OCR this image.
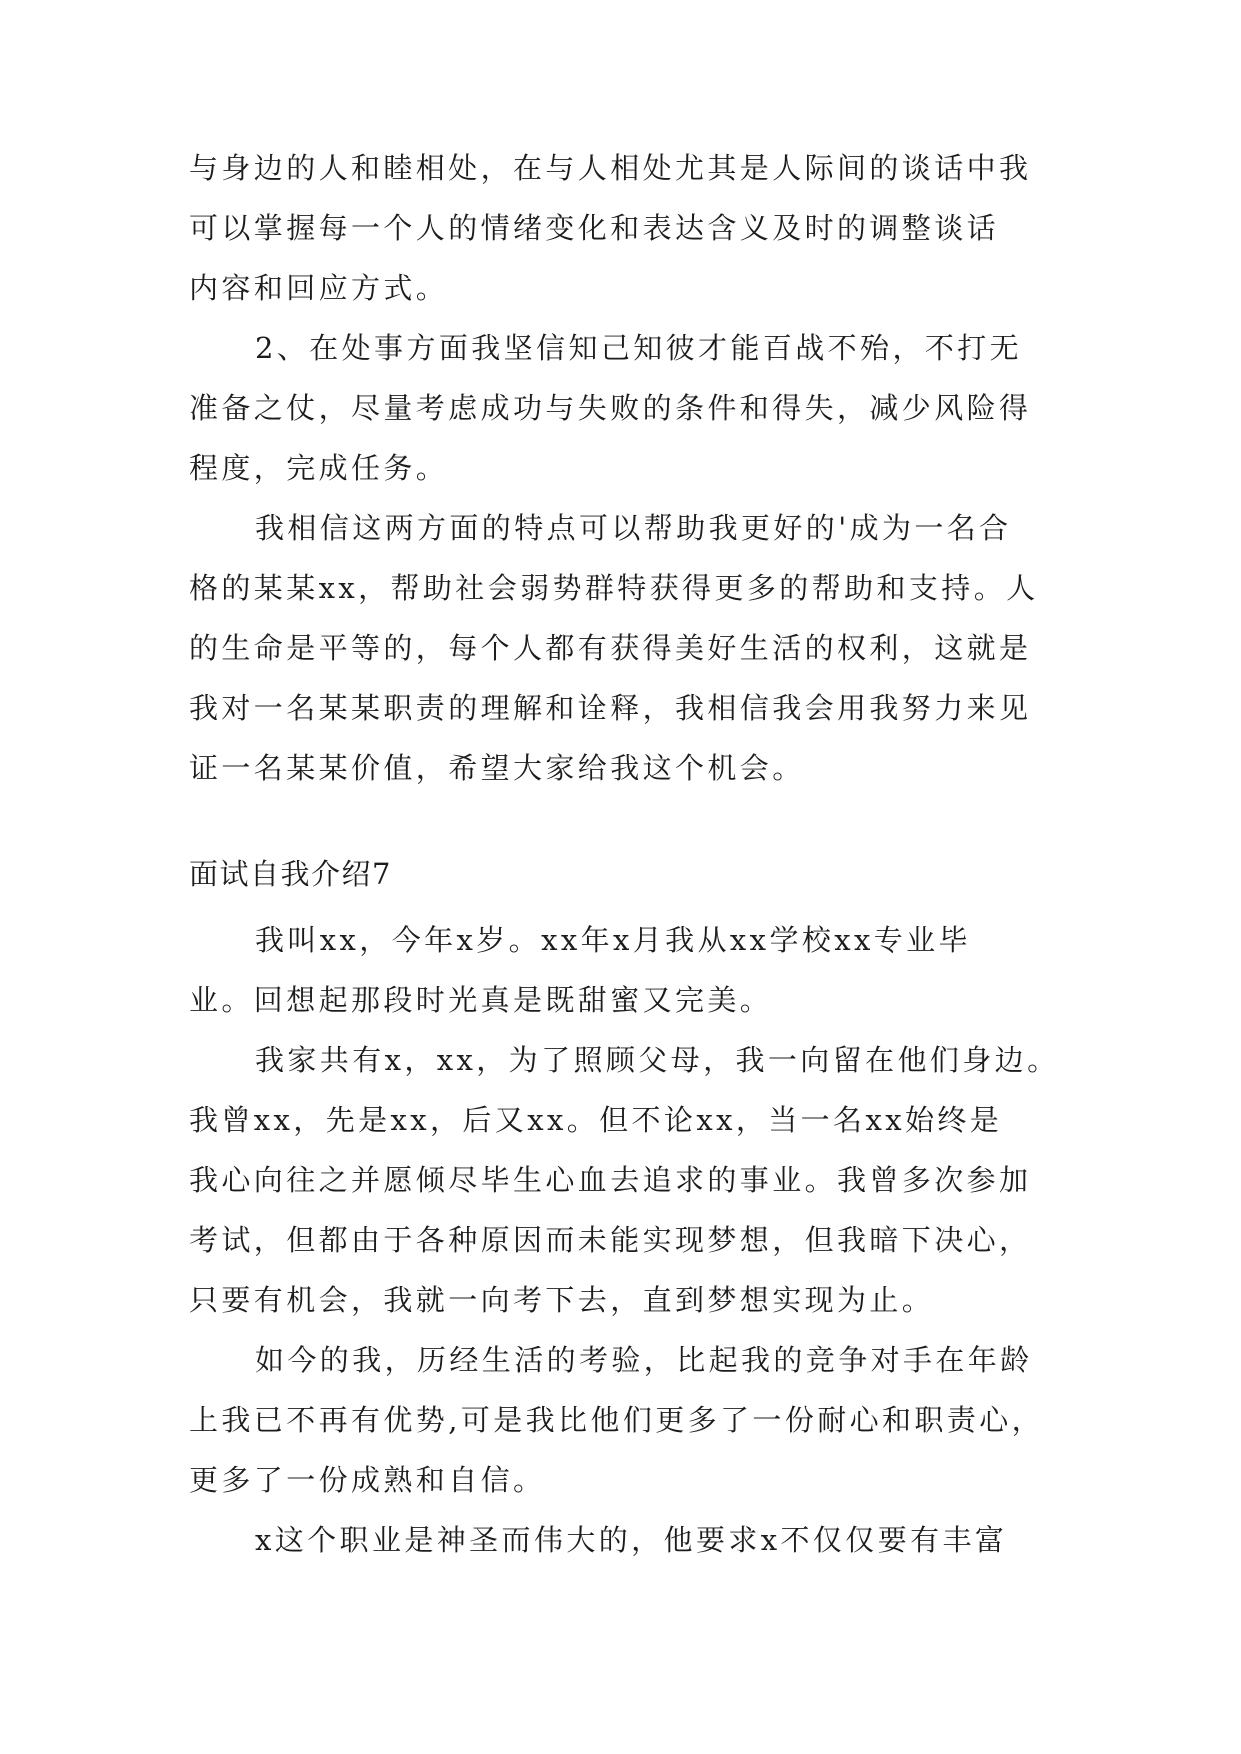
与身边的人和睦相处，在与人相处尤其是人际间的谈话中我
可以掌握每一个人的情绪变化和表达含义及时的调整谈话
内容和回应方式。
2、在处事方面我坚信知己知彼才能百战不殆，不打无
准备之仗，尽量考虑成功与失败的条件和得失，减少风险得
程度，完成任务。
我相信这两方面的特点可以帮助我更好的'成为一名合
格的某某xx，帮助社会弱势群特获得更多的帮助和支持。人
的生命是平等的，每个人都有获得美好生活的权利，这就是
我对一名某某职责的理解和诠释，我相信我会用我努力来见
证一名某某价值，希望大家给我这个机会。
面试自我介绍7
我叫xx，今年x岁。xx年x月我从xx学校xx专业毕
业。回想起那段时光真是既甜蜜又完美。
我家共有x，xx，为了照顾父母，我一向留在他们身边。
我曾xx，先是xx，后又xx。但不论xx，当一名xx始终是
我心向往之并愿倾尽毕生心血去追求的事业。我曾多次参加
考试，但都由于各种原因而未能实现梦想，但我暗下决心，
只要有机会，我就一向考下去，直到梦想实现为止。
如今的我，历经生活的考验，比起我的竞争对手在年龄
上我已不再有优势,可是我比他们更多了一份耐心和职责心，
更多了一份成熟和自信。
x这个职业是神圣而伟大的，他要求x不仅仅要有丰富
